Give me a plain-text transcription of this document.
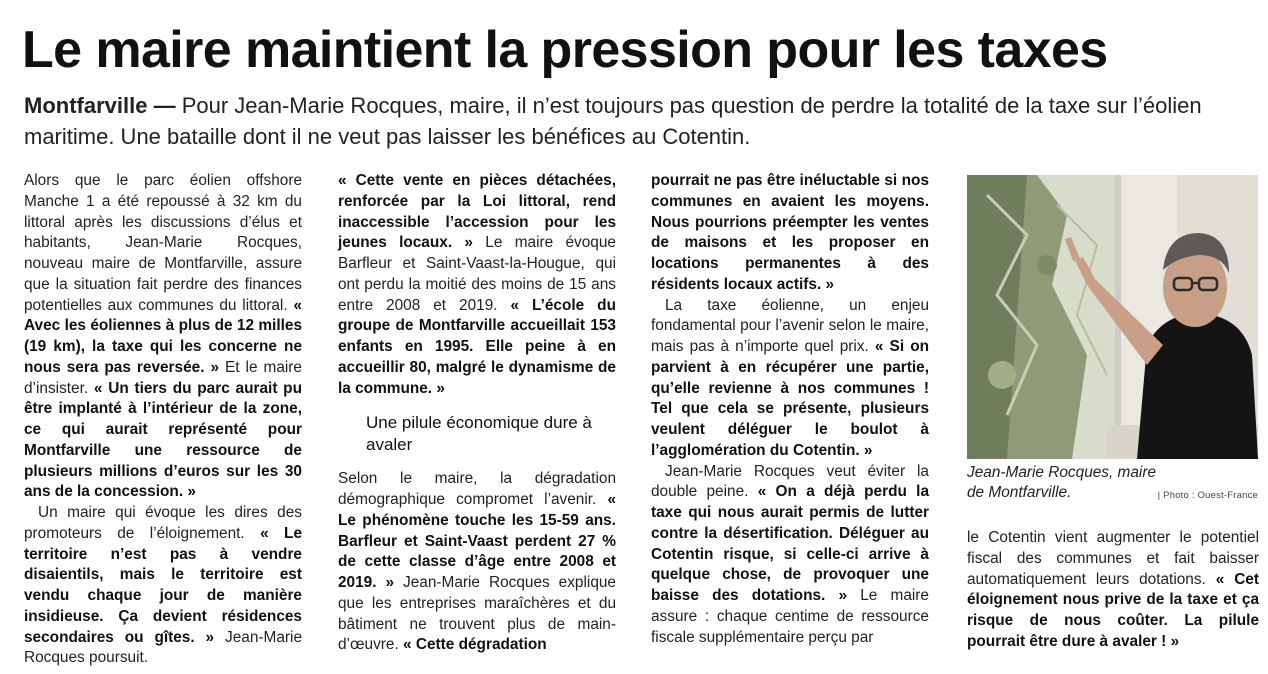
Le maire maintient la pression pour les taxes
Montfarville — Pour Jean-Marie Rocques, maire, il n’est toujours pas question de perdre la totalité de la taxe sur l’éolien maritime. Une bataille dont il ne veut pas laisser les bénéfices au Cotentin.

Alors que le parc éolien offshore Manche 1 a été repoussé à 32 km du littoral après les discussions d’élus et habitants, Jean-Marie Rocques, nouveau maire de Montfarville, assure que la situation fait perdre des finances potentielles aux communes du littoral. « Avec les éoliennes à plus de 12 milles (19 km), la taxe qui les concerne ne nous sera pas reversée. » Et le maire d’insister. « Un tiers du parc aurait pu être implanté à l’intérieur de la zone, ce qui aurait représenté pour Montfarville une ressource de plusieurs millions d’euros sur les 30 ans de la concession. »

Un maire qui évoque les dires des promoteurs de l’éloignement. « Le territoire n’est pas à vendre disaientils, mais le territoire est vendu chaque jour de manière insidieuse. Ça devient résidences secondaires ou gîtes. » Jean-Marie Rocques poursuit.

« Cette vente en pièces détachées, renforcée par la Loi littoral, rend inaccessible l’accession pour les jeunes locaux. » Le maire évoque Barfleur et Saint-Vaast-la-Hougue, qui ont perdu la moitié des moins de 15 ans entre 2008 et 2019. « L’école du groupe de Montfarville accueillait 153 enfants en 1995. Elle peine à en accueillir 80, malgré le dynamisme de la commune. »

Une pilule économique dure à avaler

Selon le maire, la dégradation démographique compromet l’avenir. « Le phénomène touche les 15-59 ans. Barfleur et Saint-Vaast perdent 27 % de cette classe d’âge entre 2008 et 2019. » Jean-Marie Rocques explique que les entreprises maraîchères et du bâtiment ne trouvent plus de main-d’œuvre. « Cette dégradation

pourrait ne pas être inéluctable si nos communes en avaient les moyens. Nous pourrions préempter les ventes de maisons et les proposer en locations permanentes à des résidents locaux actifs. »

La taxe éolienne, un enjeu fondamental pour l’avenir selon le maire, mais pas à n’importe quel prix. « Si on parvient à en récupérer une partie, qu’elle revienne à nos communes ! Tel que cela se présente, plusieurs veulent déléguer le boulot à l’agglomération du Cotentin. »

Jean-Marie Rocques veut éviter la double peine. « On a déjà perdu la taxe qui nous aurait permis de lutter contre la désertification. Déléguer au Cotentin risque, si celle-ci arrive à quelque chose, de provoquer une baisse des dotations. » Le maire assure : chaque centime de ressource fiscale supplémentaire perçu par

Jean-Marie Rocques, maire
de Montfarville.	| Photo : Ouest-France

le Cotentin vient augmenter le potentiel fiscal des communes et fait baisser automatiquement leurs dotations. « Cet éloignement nous prive de la taxe et ça risque de nous coûter. La pilule pourrait être dure à avaler ! »
